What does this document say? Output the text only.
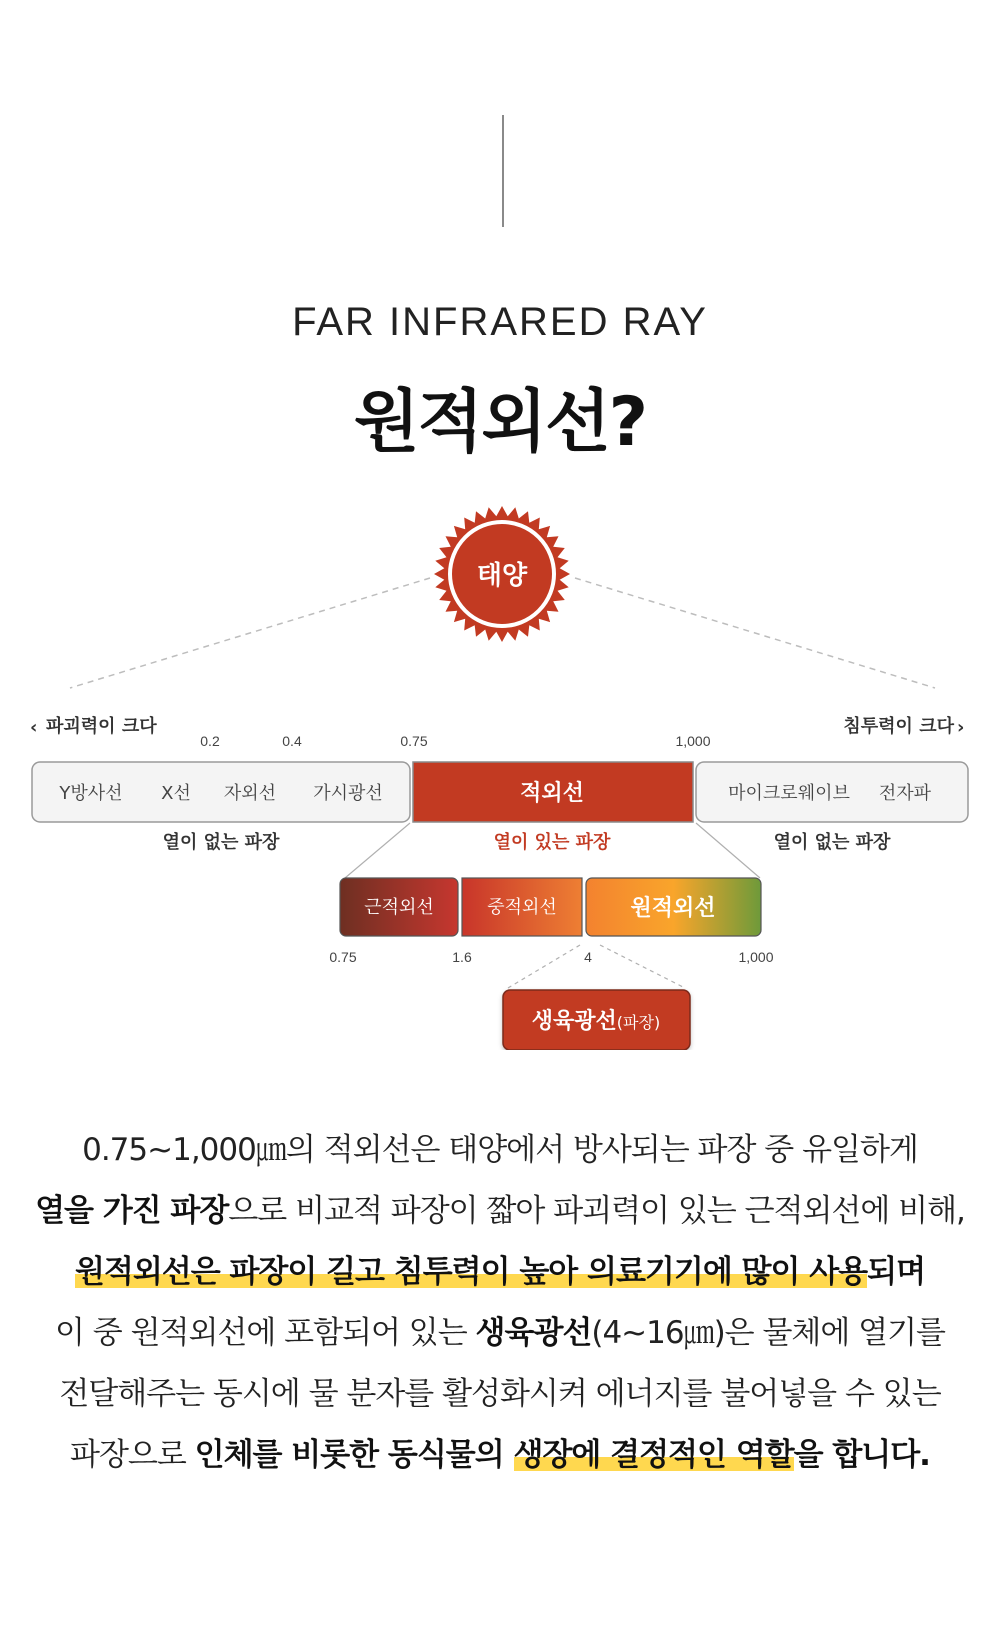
FAR INFRARED RAY
원적외선?
태양
‹ 파괴력이 크다	침투력이 크다 ›
0.2	0.4	0.75	1,000
Y방사선 X선 자외선 가시광선	적외선	마이크로웨이브 전자파
열이 없는 파장	열이 있는 파장	열이 없는 파장
근적외선	중적외선	원적외선
0.75	1.6	4	1,000
생육광선(파장)
0.75~1,000㎛의 적외선은 태양에서 방사되는 파장 중 유일하게
열을 가진 파장으로 비교적 파장이 짧아 파괴력이 있는 근적외선에 비해,
원적외선은 파장이 길고 침투력이 높아 의료기기에 많이 사용되며
이 중 원적외선에 포함되어 있는 생육광선(4~16㎛)은 물체에 열기를
전달해주는 동시에 물 분자를 활성화시켜 에너지를 불어넣을 수 있는
파장으로 인체를 비롯한 동식물의 생장에 결정적인 역할을 합니다.
